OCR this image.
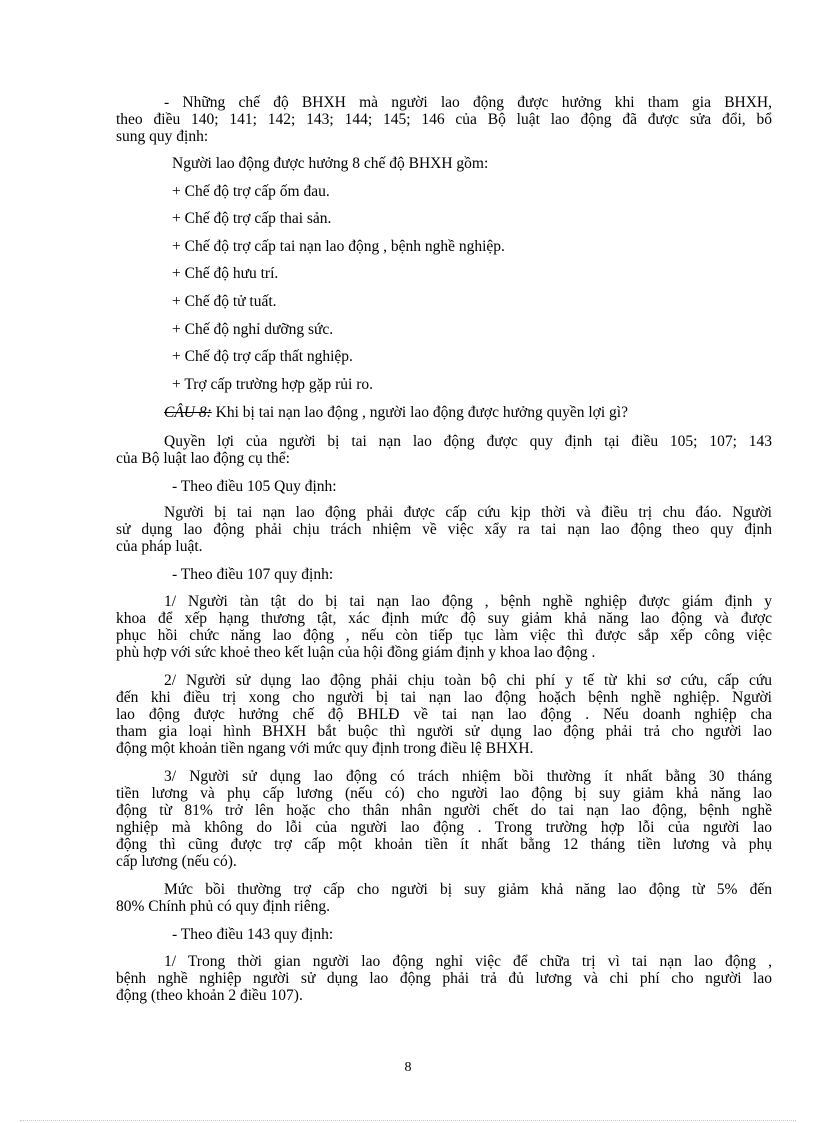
- Những chế độ BHXH mà người lao động được hưởng khi tham gia BHXH,
theo điều 140; 141; 142; 143; 144; 145; 146 của Bộ luật lao động đã được sửa đổi, bổ
sung quy định:
Người lao động được hưởng 8 chế độ BHXH gồm:
+ Chế độ trợ cấp ốm đau.
+ Chế độ trợ cấp thai sản.
+ Chế độ trợ cấp tai nạn lao động , bệnh nghề nghiệp.
+ Chế độ hưu trí.
+ Chế độ tử tuất.
+ Chế độ nghỉ dưỡng sức.
+ Chế độ trợ cấp thất nghiệp.
+ Trợ cấp trường hợp gặp rủi ro.
CÂU 8: Khi bị tai nạn lao động , người lao động được hưởng quyền lợi gì?
Quyền lợi của người bị tai nạn lao động được quy định tại điều 105; 107; 143
của Bộ luật lao động cụ thể:
- Theo điều 105 Quy định:
Người bị tai nạn lao động phải được cấp cứu kịp thời và điều trị chu đáo. Người
sử dụng lao động phải chịu trách nhiệm về việc xẩy ra tai nạn lao động theo quy định
của pháp luật.
- Theo điều 107 quy định:
1/ Người tàn tật do bị tai nạn lao động , bệnh nghề nghiệp được giám định y
khoa để xếp hạng thương tật, xác định mức độ suy giảm khả năng lao động và được
phục hồi chức năng lao động , nếu còn tiếp tục làm việc thì được sắp xếp công việc
phù hợp với sức khoẻ theo kết luận của hội đồng giám định y khoa lao động .
2/ Người sử dụng lao động phải chịu toàn bộ chi phí y tế từ khi sơ cứu, cấp cứu
đến khi điều trị xong cho người bị tai nạn lao động hoặch bệnh nghề nghiệp. Người
lao động được hưởng chế độ BHLĐ về tai nạn lao động . Nếu doanh nghiệp cha
tham gia loại hình BHXH bắt buộc thì người sử dụng lao động phải trả cho người lao
động một khoản tiền ngang với mức quy định trong điều lệ BHXH.
3/ Người sử dụng lao động có trách nhiệm bồi thường ít nhất bằng 30 tháng
tiền lương và phụ cấp lương (nếu có) cho người lao động bị suy giảm khả năng lao
động từ 81% trở lên hoặc cho thân nhân người chết do tai nạn lao động, bệnh nghề
nghiệp mà không do lỗi của người lao động . Trong trường hợp lỗi của người lao
động thì cũng được trợ cấp một khoản tiền ít nhất bằng 12 tháng tiền lương và phụ
cấp lương (nếu có).
Mức bồi thường trợ cấp cho người bị suy giảm khả năng lao động từ 5% đến
80% Chính phủ có quy định riêng.
- Theo điều 143 quy định:
1/ Trong thời gian người lao động nghỉ việc để chữa trị vì tai nạn lao động ,
bệnh nghề nghiệp người sử dụng lao động phải trả đủ lương và chi phí cho người lao
động (theo khoản 2 điều 107).
8
